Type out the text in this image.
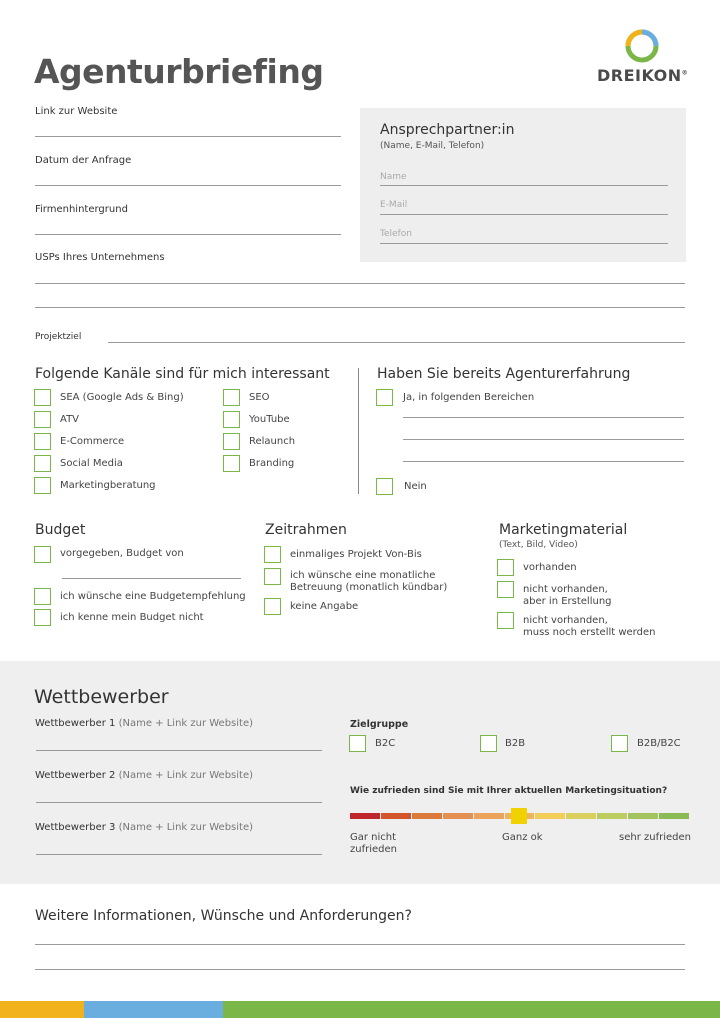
Agenturbriefing	DREIKON®
Link zur Website
Datum der Anfrage
Firmenhintergrund
USPs Ihres Unternehmens
Projektziel
Ansprechpartner:in
(Name, E-Mail, Telefon)
Name
E-Mail
Telefon
Folgende Kanäle sind für mich interessant
SEA (Google Ads & Bing)
ATV
E-Commerce
Social Media
Marketingberatung
SEO
YouTube
Relaunch
Branding
Haben Sie bereits Agenturerfahrung
Ja, in folgenden Bereichen
Nein
Budget
vorgegeben, Budget von
ich wünsche eine Budgetempfehlung
ich kenne mein Budget nicht
Zeitrahmen
einmaliges Projekt Von-Bis
ich wünsche eine monatliche
Betreuung (monatlich kündbar)
keine Angabe
Marketingmaterial
(Text, Bild, Video)
vorhanden
nicht vorhanden,
aber in Erstellung
nicht vorhanden,
muss noch erstellt werden
Wettbewerber
Wettbewerber 1 (Name + Link zur Website)
Wettbewerber 2 (Name + Link zur Website)
Wettbewerber 3 (Name + Link zur Website)
Zielgruppe
B2C	B2B	B2B/B2C
Wie zufrieden sind Sie mit Ihrer aktuellen Marketingsituation?
Gar nicht
zufrieden
Ganz ok	sehr zufrieden
Weitere Informationen, Wünsche und Anforderungen?
